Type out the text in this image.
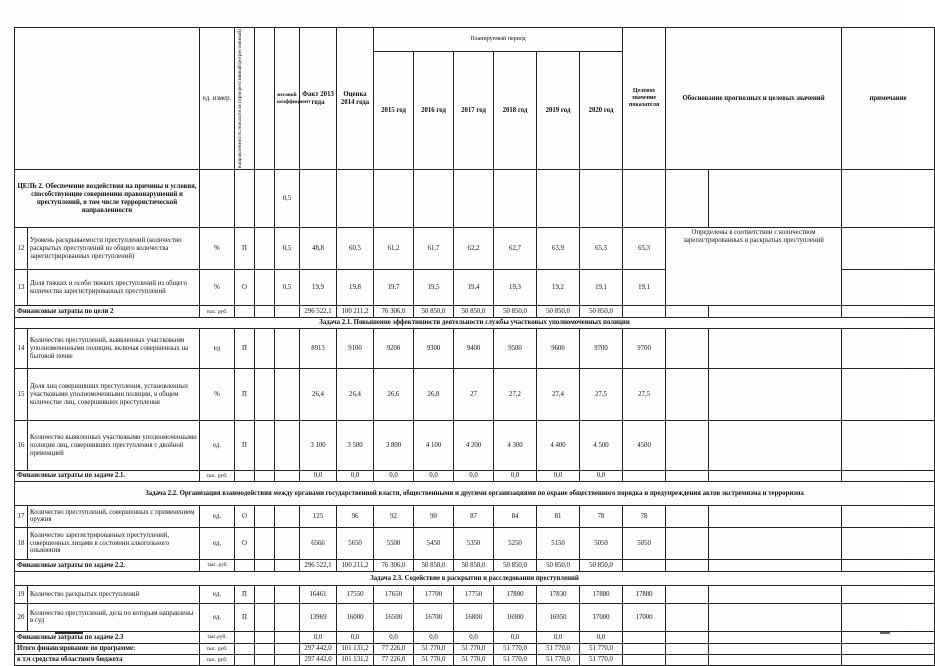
		ед. измер.	направленность показателя (прогрессивный/регрессивный)		весовой коэффициент	Факт 2013 года	Оценка 2014 года	Планируемый период						Целевое значение показателя	Обоснование прогнозных и целевых значений		примечание
								2015 год	2016 год	2017 год	2018 год	2019 год	2020 год				
ЦЕЛЬ 2. Обеспечение воздействия на причины и условия, способствующие совершению правонарушений и преступлений, в том числе террористической направленности					0,5												
12	Уровень раскрываемости преступлений (количество раскрытых преступлений из общего количества зарегистрированных преступлений)	%	П		0,5	48,8	60,5	61,2	61,7	62,2	62,7	63,9	65,3	65,3	Определены в соответствии с количеством зарегистрированных и раскрытых преступлений		
13	Доля тяжких и особо тяжких преступлений из общего количества зарегистрированных преступлений	%	О		0,5	19,9	19,8	19,7	19,5	19,4	19,3	19,2	19,1	19,1			
Финансовые затраты по цели 2		тыс. руб.				296 522,1	100 211,2	76 306,0	50 850,0	50 850,0	50 850,0	50 850,0	50 850,0				
Задача 2.1. Повышение эффективности деятельности службы участковых уполномоченных полиции																	
14	Количество преступлений, выявленных участковыми уполномоченными полиции, включая совершенных на бытовой почве	ед	П			8913	9100	9200	9300	9400	9500	9600	9700	9700			
15	Доля лиц совершивших преступления, установленных участковыми уполномоченными полиции, в общем количестве лиц, совершивших преступления	%	П			26,4	26,4	26,6	26,8	27	27,2	27,4	27,5	27,5			
16	Количество выявленных участковыми уполномоченными полиции лиц, совершивших преступления с двойной превенцией	ед.	П			3 100	3 500	3 800	4 100	4 200	4 300	4 400	4 500	4500			
Финансовые затраты по задаче 2.1.		тыс. руб.				0,0	0,0	0,0	0,0	0,0	0,0	0,0	0,0				
Задача 2.2. Организация взаимодействия между органами государственной власти, общественными и другими организациями по охране общественного порядка и предупреждения актов экстремизма и терроризма																	
17	Количество преступлений, совершенных с применением оружия	ед.	О			125	96	92	90	87	84	81	78	78			
18	Количество зарегистрированных преступлений, совершенных лицами в состоянии алкогольного опьянения	ед.	О			6566	5650	5500	5450	5350	5250	5150	5050	5050			
Финансовые затраты по задаче 2.2.		тыс. руб				296 522,1	100 211,2	76 306,0	50 850,0	50 850,0	50 850,0	50 850,0	50 850,0				
Задача 2.3. Содействие в раскрытии и расследовании преступлений																	
19	Количество раскрытых преступлений	ед.	П			16461	17550	17650	17700	17750	17800	17830	17880	17880			
20	Количество преступлений, дела по которым направлены в суд	ед.	П			13969	16000	16500	16700	16800	16900	16950	17000	17000			
Финансовые затраты по задаче 2.3		тыс.руб.				0,0	0,0	0,0	0,0	0,0	0,0	0,0	0,0				
Итого финансирование по программе:		тыс. руб.				297 442,0	101 131,2	77 226,0	51 770,0	51 770,0	51 770,0	51 770,0	51 770,0				
в т.ч средства областного бюджета		тыс. руб.				297 442,0	101 131,2	77 226,0	51 770,0	51 770,0	51 770,0	51 770,0	51 770,0				
